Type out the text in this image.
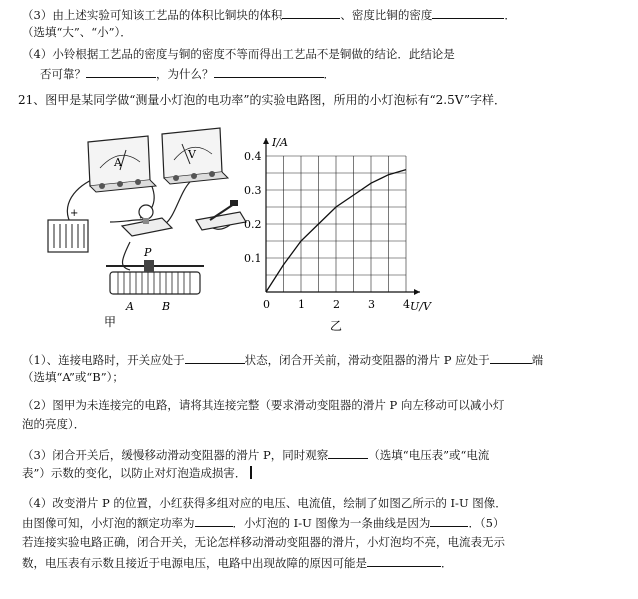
（3）由上述实验可知该工艺品的体积比铜块的体积	、密度比铜的密度	．
（选填“大”、“小”）．
（4）小铃根据工艺品的密度与铜的密度不等而得出工艺品不是铜做的结论．此结论是
否可靠？	，为什么？	．
21、图甲是某同学做“测量小灯泡的电功率”的实验电路图，所用的小灯泡标有“2.5V”字样．
A
V
+
P
A	B
甲
0	1	2	3	4
0.1
0.2
0.3
0.4
I/A
U/V
乙
（1）、连接电路时，开关应处于	状态，闭合开关前，滑动变阻器的滑片 P 应处于	端
（选填“A”或“B”）；
（2）图甲为未连接完的电路，请将其连接完整（要求滑动变阻器的滑片 P 向左移动可以减小灯
泡的亮度）．
（3）闭合开关后，缓慢移动滑动变阻器的滑片 P，同时观察	（选填“电压表”或“电流
表”）示数的变化，以防止对灯泡造成损害．
（4）改变滑片 P 的位置，小红获得多组对应的电压、电流值，绘制了如图乙所示的 I-U 图像．
由图像可知，小灯泡的额定功率为	．小灯泡的 I-U 图像为一条曲线是因为	．（5）
若连接实验电路正确，闭合开关，无论怎样移动滑动变阻器的滑片，小灯泡均不亮，电流表无示
数，电压表有示数且接近于电源电压，电路中出现故障的原因可能是	．
